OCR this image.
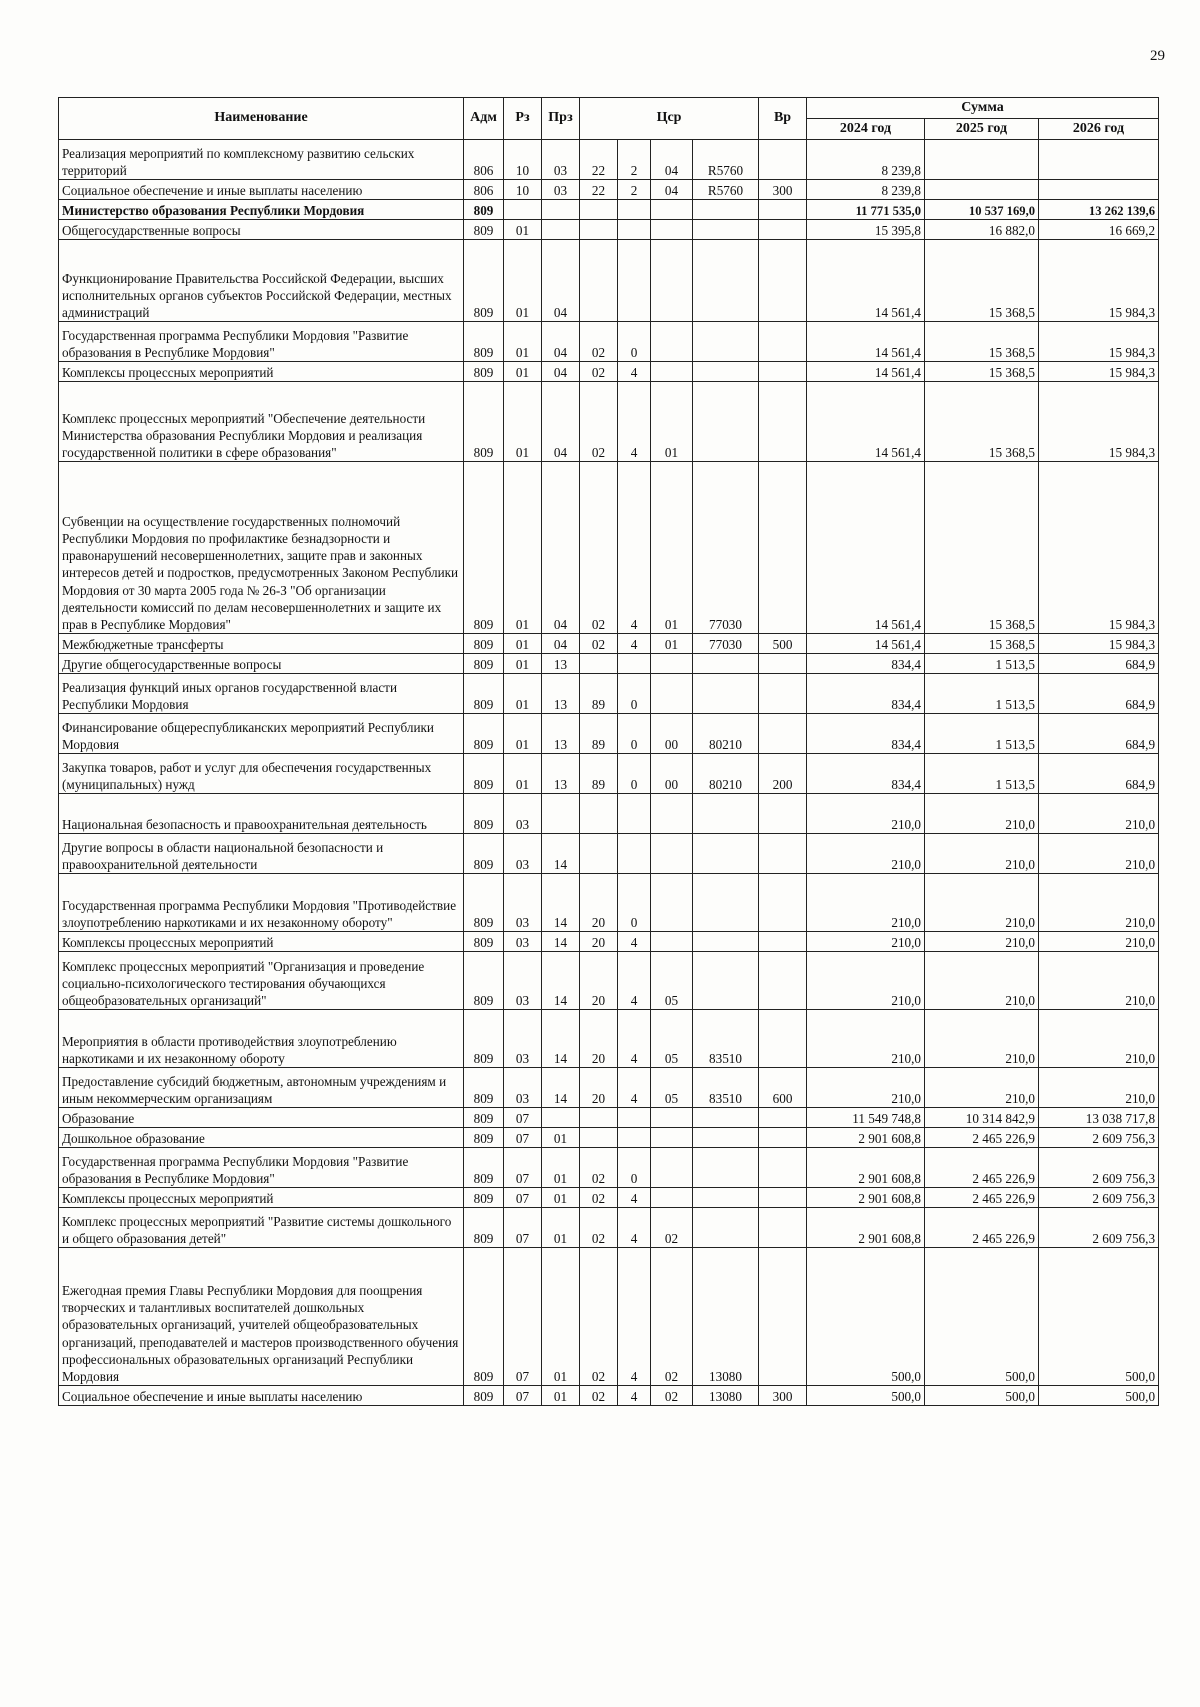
29
Наименование	Адм	Рз	Прз	Цср				Вр	Сумма		
									2024 год	2025 год	2026 год
Реализация мероприятий по комплексному развитию сельских территорий	806	10	03	22	2	04	R5760		8 239,8		
Социальное обеспечение и иные выплаты населению	806	10	03	22	2	04	R5760	300	8 239,8		
Министерство образования Республики Мордовия	809								11 771 535,0	10 537 169,0	13 262 139,6
Общегосударственные вопросы	809	01							15 395,8	16 882,0	16 669,2
Функционирование Правительства Российской Федерации, высших исполнительных органов субъектов Российской Федерации, местных администраций	809	01	04						14 561,4	15 368,5	15 984,3
Государственная программа Республики Мордовия "Развитие образования в Республике Мордовия"	809	01	04	02	0				14 561,4	15 368,5	15 984,3
Комплексы процессных мероприятий	809	01	04	02	4				14 561,4	15 368,5	15 984,3
Комплекс процессных мероприятий "Обеспечение деятельности Министерства образования Республики Мордовия и реализация государственной политики в сфере образования"	809	01	04	02	4	01			14 561,4	15 368,5	15 984,3
Субвенции на осуществление государственных полномочий Республики Мордовия по профилактике безнадзорности и правонарушений несовершеннолетних, защите прав и законных интересов детей и подростков, предусмотренных Законом Республики Мордовия от 30 марта 2005 года № 26-З "Об организации деятельности комиссий по делам несовершеннолетних и защите их прав в Республике Мордовия"	809	01	04	02	4	01	77030		14 561,4	15 368,5	15 984,3
Межбюджетные трансферты	809	01	04	02	4	01	77030	500	14 561,4	15 368,5	15 984,3
Другие общегосударственные вопросы	809	01	13						834,4	1 513,5	684,9
Реализация функций иных органов государственной власти Республики Мордовия	809	01	13	89	0				834,4	1 513,5	684,9
Финансирование общереспубликанских мероприятий Республики Мордовия	809	01	13	89	0	00	80210		834,4	1 513,5	684,9
Закупка товаров, работ и услуг для обеспечения государственных (муниципальных) нужд	809	01	13	89	0	00	80210	200	834,4	1 513,5	684,9
Национальная безопасность и правоохранительная деятельность	809	03							210,0	210,0	210,0
Другие вопросы в области национальной безопасности и правоохранительной деятельности	809	03	14						210,0	210,0	210,0
Государственная программа Республики Мордовия "Противодействие злоупотреблению наркотиками и их незаконному обороту"	809	03	14	20	0				210,0	210,0	210,0
Комплексы процессных мероприятий	809	03	14	20	4				210,0	210,0	210,0
Комплекс процессных мероприятий "Организация и проведение социально-психологического тестирования обучающихся общеобразовательных организаций"	809	03	14	20	4	05			210,0	210,0	210,0
Мероприятия в области противодействия злоупотреблению наркотиками и их незаконному обороту	809	03	14	20	4	05	83510		210,0	210,0	210,0
Предоставление субсидий бюджетным, автономным учреждениям и иным некоммерческим организациям	809	03	14	20	4	05	83510	600	210,0	210,0	210,0
Образование	809	07							11 549 748,8	10 314 842,9	13 038 717,8
Дошкольное образование	809	07	01						2 901 608,8	2 465 226,9	2 609 756,3
Государственная программа Республики Мордовия "Развитие образования в Республике Мордовия"	809	07	01	02	0				2 901 608,8	2 465 226,9	2 609 756,3
Комплексы процессных мероприятий	809	07	01	02	4				2 901 608,8	2 465 226,9	2 609 756,3
Комплекс процессных мероприятий "Развитие системы дошкольного и общего образования детей"	809	07	01	02	4	02			2 901 608,8	2 465 226,9	2 609 756,3
Ежегодная премия Главы Республики Мордовия для поощрения творческих и талантливых воспитателей дошкольных образовательных организаций, учителей общеобразовательных организаций, преподавателей и мастеров производственного обучения профессиональных образовательных организаций Республики Мордовия	809	07	01	02	4	02	13080		500,0	500,0	500,0
Социальное обеспечение и иные выплаты населению	809	07	01	02	4	02	13080	300	500,0	500,0	500,0
